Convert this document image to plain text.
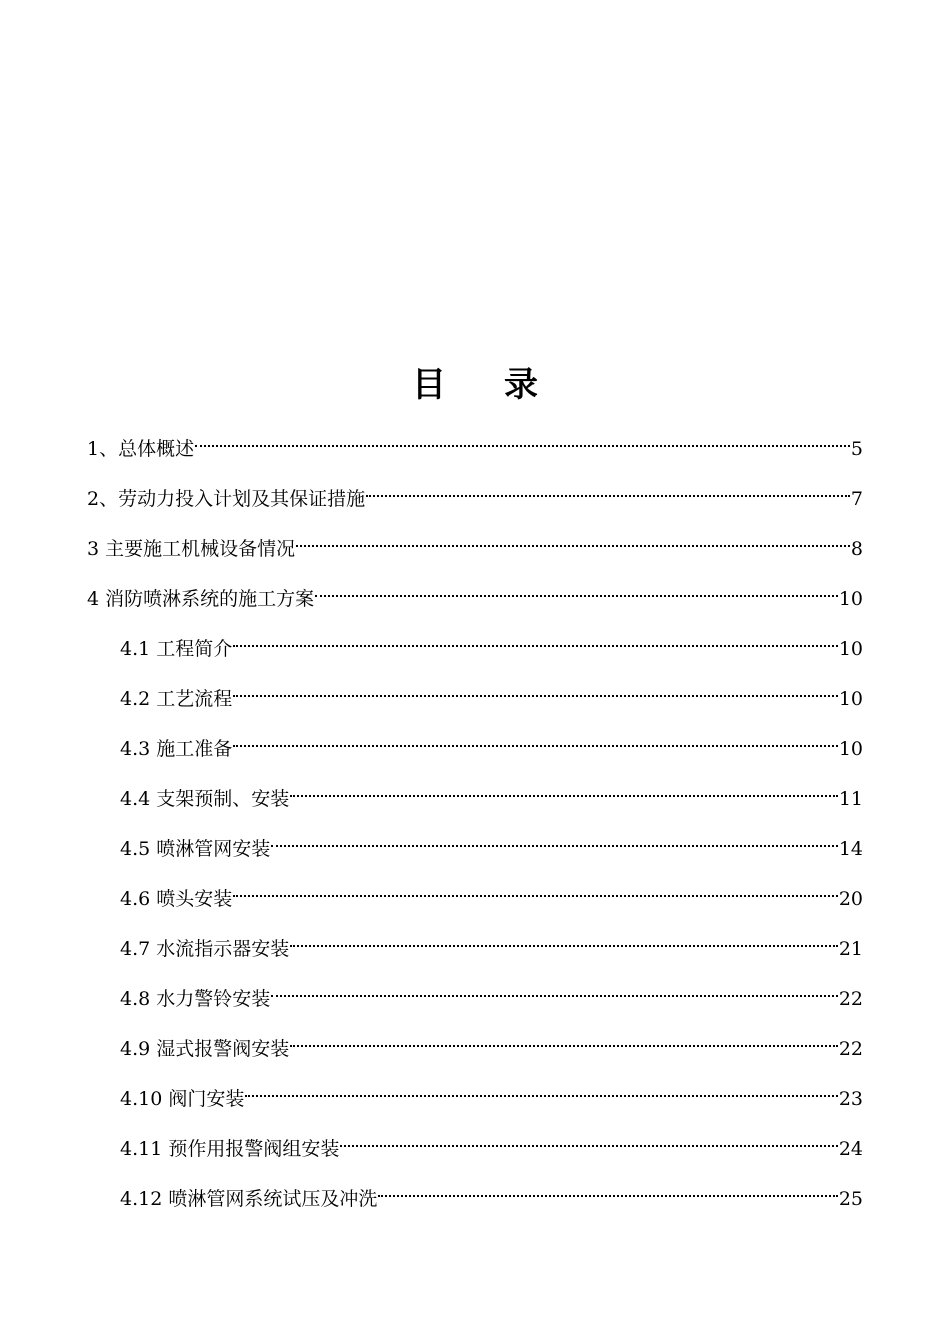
目 录
1、总体概述	5
2、劳动力投入计划及其保证措施	7
3 主要施工机械设备情况	8
4 消防喷淋系统的施工方案	10
4.1 工程简介	10
4.2 工艺流程	10
4.3 施工准备	10
4.4 支架预制、安装	11
4.5 喷淋管网安装	14
4.6 喷头安装	20
4.7 水流指示器安装	21
4.8 水力警铃安装	22
4.9 湿式报警阀安装	22
4.10 阀门安装	23
4.11 预作用报警阀组安装	24
4.12 喷淋管网系统试压及冲洗	25
